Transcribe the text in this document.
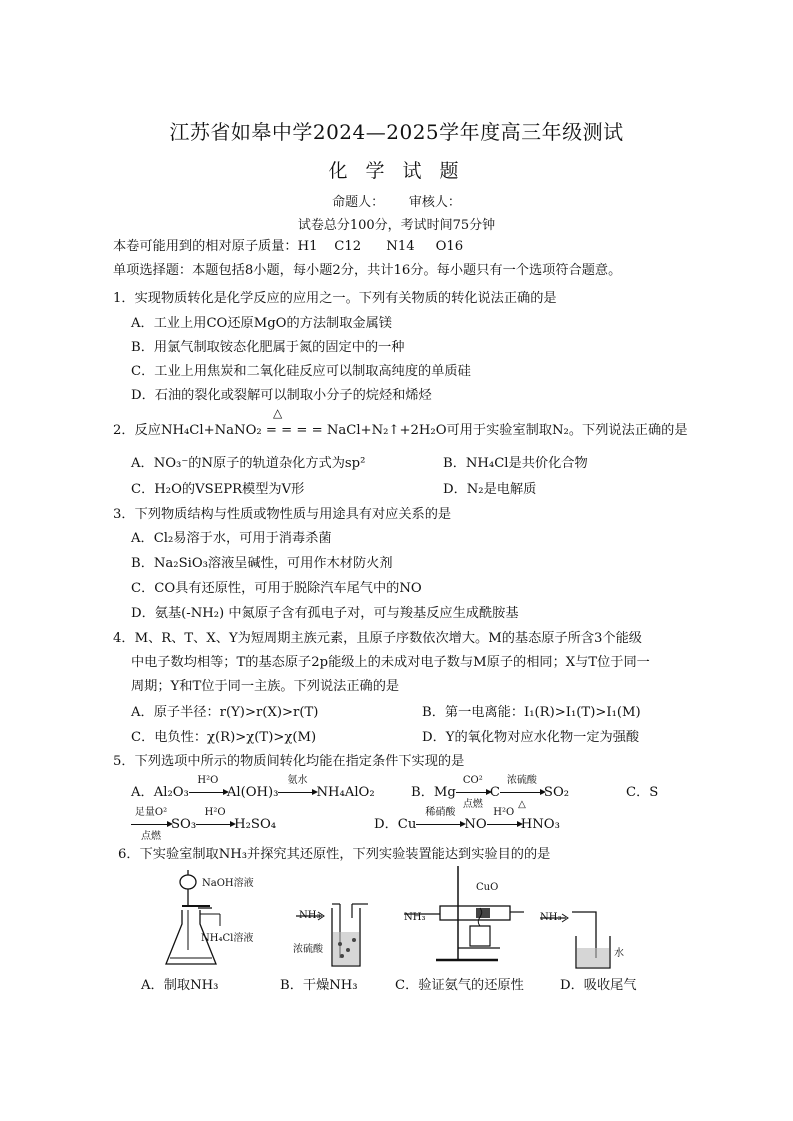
江苏省如皋中学2024—2025学年度高三年级测试
化 学 试 题
命题人：      审核人：
试卷总分100分，考试时间75分钟
本卷可能用到的相对原子质量：H1    C12      N14     O16
单项选择题：本题包括8小题，每小题2分，共计16分。每小题只有一个选项符合题意。
1．实现物质转化是化学反应的应用之一。下列有关物质的转化说法正确的是
A．工业上用CO还原MgO的方法制取金属镁
B．用氯气制取铵态化肥属于氮的固定中的一种
C．工业上用焦炭和二氧化硅反应可以制取高纯度的单质硅
D．石油的裂化或裂解可以制取小分子的烷烃和烯烃
△
2．反应NH₄Cl+NaNO₂ = = = = NaCl+N₂↑+2H₂O可用于实验室制取N₂。下列说法正确的是
A．NO₃⁻的N原子的轨道杂化方式为sp²	B．NH₄Cl是共价化合物
C．H₂O的VSEPR模型为V形	D．N₂是电解质
3．下列物质结构与性质或物性质与用途具有对应关系的是
A．Cl₂易溶于水，可用于消毒杀菌
B．Na₂SiO₃溶液呈碱性，可用作木材防火剂
C．CO具有还原性，可用于脱除汽车尾气中的NO
D．氨基(-NH₂) 中氮原子含有孤电子对，可与羧基反应生成酰胺基
4．M、R、T、X、Y为短周期主族元素，且原子序数依次增大。M的基态原子所含3个能级
中电子数均相等；T的基态原子2p能级上的未成对电子数与M原子的相同；X与T位于同一
周期；Y和T位于同一主族。下列说法正确的是
A．原子半径：r(Y)>r(X)>r(T)	B．第一电离能：I₁(R)>I₁(T)>I₁(M)
C．电负性：χ(R)>χ(T)>χ(M)	D．Y的氧化物对应水化物一定为强酸
5．下列选项中所示的物质间转化均能在指定条件下实现的是
A．Al₂O₃
H²O
Al(OH)₃
氨水
NH₄AlO₂	B．Mg
CO²
点燃
C
浓硫酸
△
SO₂	C．S
足量O²
点燃
SO₃
H²O
H₂SO₄	D．Cu
稀硝酸
NO
H²O
HNO₃
6．下实验室制取NH₃并探究其还原性，下列实验装置能达到实验目的的是
NaOH溶液
NH₄Cl溶液
NH₃
浓硫酸
CuO
NH₃	NH₃
水
A．制取NH₃	B．干燥NH₃	C．验证氨气的还原性	D．吸收尾气
